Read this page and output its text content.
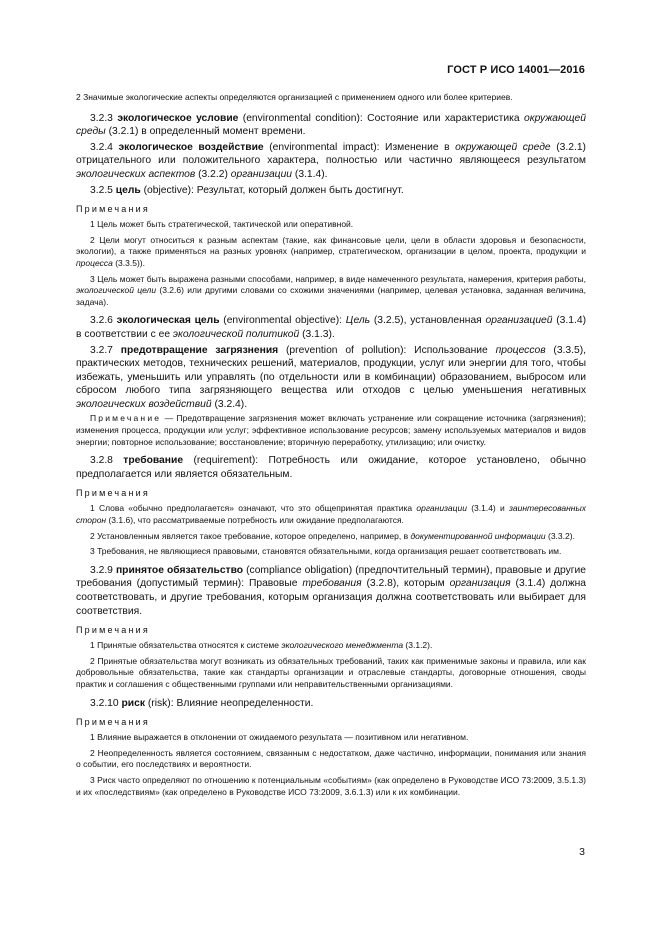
ГОСТ Р ИСО 14001—2016

2 Значимые экологические аспекты определяются организацией с применением одного или более критериев.

3.2.3 экологическое условие (environmental condition): Состояние или характеристика окружающей среды (3.2.1) в определенный момент времени.

3.2.4 экологическое воздействие (environmental impact): Изменение в окружающей среде (3.2.1) отрицательного или положительного характера, полностью или частично являющееся результатом экологических аспектов (3.2.2) организации (3.1.4).

3.2.5 цель (objective): Результат, который должен быть достигнут.

Примечания

1 Цель может быть стратегической, тактической или оперативной.

2 Цели могут относиться к разным аспектам (такие, как финансовые цели, цели в области здоровья и безопасности, экологии), а также применяться на разных уровнях (например, стратегическом, организации в целом, проекта, продукции и процесса (3.3.5)).

3 Цель может быть выражена разными способами, например, в виде намеченного результата, намерения, критерия работы, экологической цели (3.2.6) или другими словами со схожими значениями (например, целевая установка, заданная величина, задача).

3.2.6 экологическая цель (environmental objective): Цель (3.2.5), установленная организацией (3.1.4) в соответствии с ее экологической политикой (3.1.3).

3.2.7 предотвращение загрязнения (prevention of pollution): Использование процессов (3.3.5), практических методов, технических решений, материалов, продукции, услуг или энергии для того, чтобы избежать, уменьшить или управлять (по отдельности или в комбинации) образованием, выбросом или сбросом любого типа загрязняющего вещества или отходов с целью уменьшения негативных экологических воздействий (3.2.4).

Примечание — Предотвращение загрязнения может включать устранение или сокращение источника (загрязнения); изменения процесса, продукции или услуг; эффективное использование ресурсов; замену используемых материалов и видов энергии; повторное использование; восстановление; вторичную переработку, утилизацию; или очистку.

3.2.8 требование (requirement): Потребность или ожидание, которое установлено, обычно предполагается или является обязательным.

Примечания

1 Слова «обычно предполагается» означают, что это общепринятая практика организации (3.1.4) и заинтересованных сторон (3.1.6), что рассматриваемые потребность или ожидание предполагаются.

2 Установленным является такое требование, которое определено, например, в документированной информации (3.3.2).

3 Требования, не являющиеся правовыми, становятся обязательными, когда организация решает соответствовать им.

3.2.9 принятое обязательство (compliance obligation) (предпочтительный термин), правовые и другие требования (допустимый термин): Правовые требования (3.2.8), которым организация (3.1.4) должна соответствовать, и другие требования, которым организация должна соответствовать или выбирает для соответствия.

Примечания

1 Принятые обязательства относятся к системе экологического менеджмента (3.1.2).

2 Принятые обязательства могут возникать из обязательных требований, таких как применимые законы и правила, или как добровольные обязательства, такие как стандарты организации и отраслевые стандарты, договорные отношения, своды практик и соглашения с общественными группами или неправительственными организациями.

3.2.10 риск (risk): Влияние неопределенности.

Примечания

1 Влияние выражается в отклонении от ожидаемого результата — позитивном или негативном.

2 Неопределенность является состоянием, связанным с недостатком, даже частично, информации, понимания или знания о событии, его последствиях и вероятности.

3 Риск часто определяют по отношению к потенциальным «событиям» (как определено в Руководстве ИСО 73:2009, 3.5.1.3) и их «последствиям» (как определено в Руководстве ИСО 73:2009, 3.6.1.3) или к их комбинации.

3
